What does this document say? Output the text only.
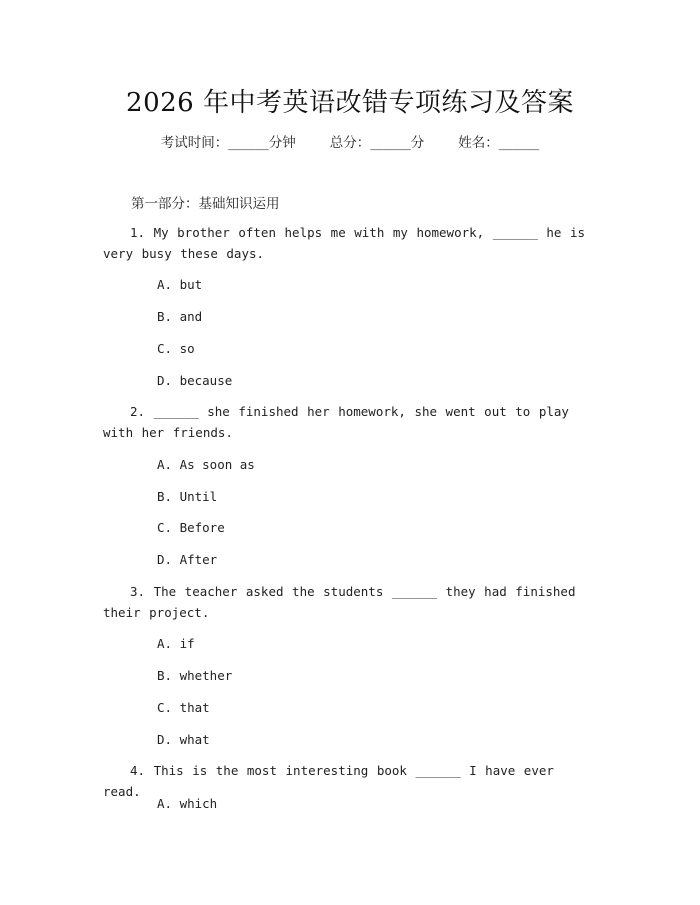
2026 年中考英语改错专项练习及答案
考试时间：______分钟	总分：______分	姓名：______
第一部分：基础知识运用
1. My brother often helps me with my homework, ______ he is very busy these days.
A. but
B. and
C. so
D. because
2. ______ she finished her homework, she went out to play with her friends.
A. As soon as
B. Until
C. Before
D. After
3. The teacher asked the students ______ they had finished their project.
A. if
B. whether
C. that
D. what
4. This is the most interesting book ______ I have ever read.
A. which
